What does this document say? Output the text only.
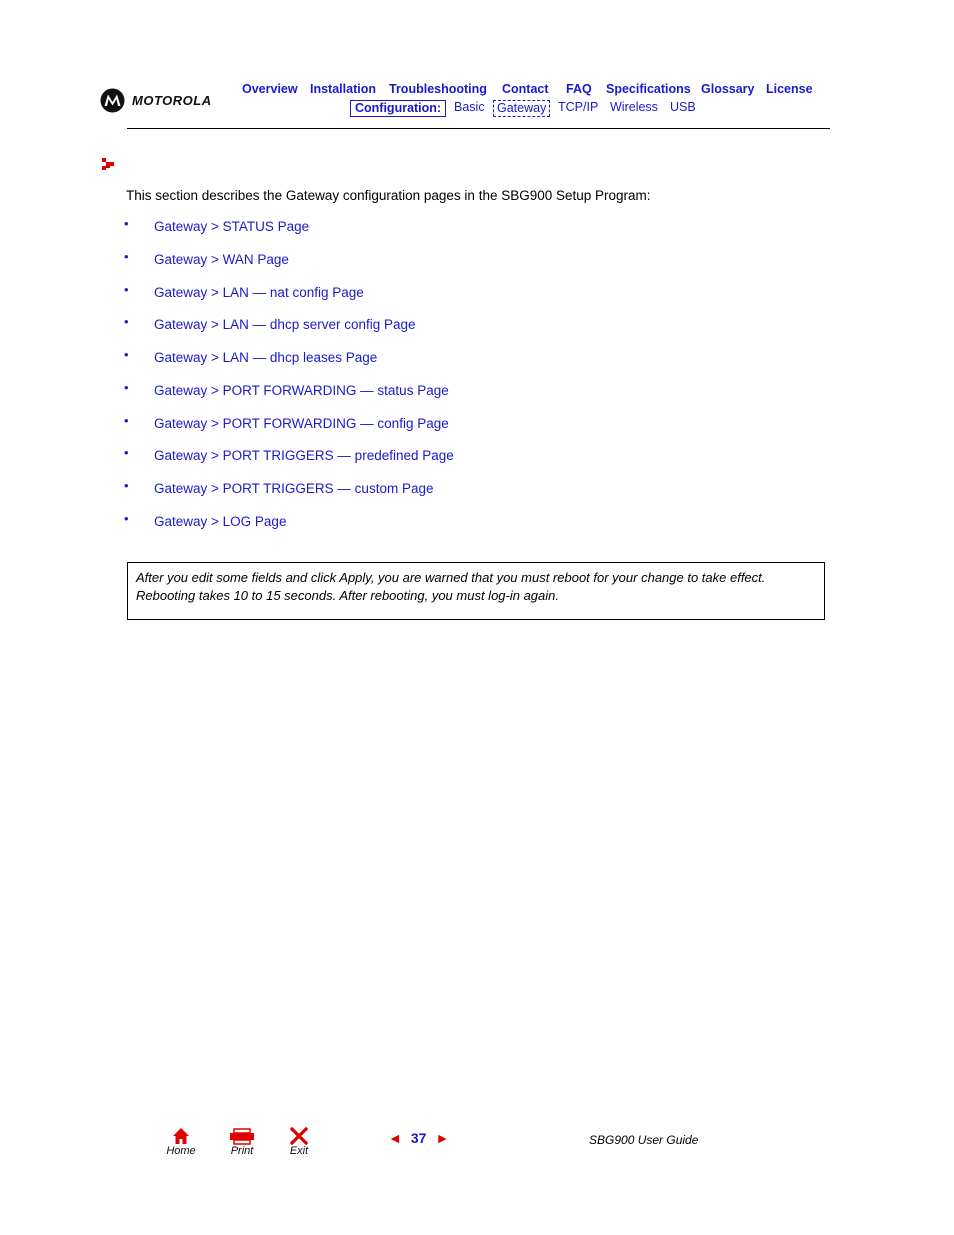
MOTOROLA
Overview Installation Troubleshooting Contact FAQ Specifications Glossary License
Configuration:	Basic Gateway TCP/IP Wireless USB

This section describes the Gateway configuration pages in the SBG900 Setup Program:

• Gateway > STATUS Page
• Gateway > WAN Page
• Gateway > LAN — nat config Page
• Gateway > LAN — dhcp server config Page
• Gateway > LAN — dhcp leases Page
• Gateway > PORT FORWARDING — status Page
• Gateway > PORT FORWARDING — config Page
• Gateway > PORT TRIGGERS — predefined Page
• Gateway > PORT TRIGGERS — custom Page
• Gateway > LOG Page
After you edit some fields and click Apply, you are warned that you must reboot for your change to take effect. Rebooting takes 10 to 15 seconds. After rebooting, you must log-in again.
Home	Print	Exit
◄ 37 ►	SBG900 User Guide
